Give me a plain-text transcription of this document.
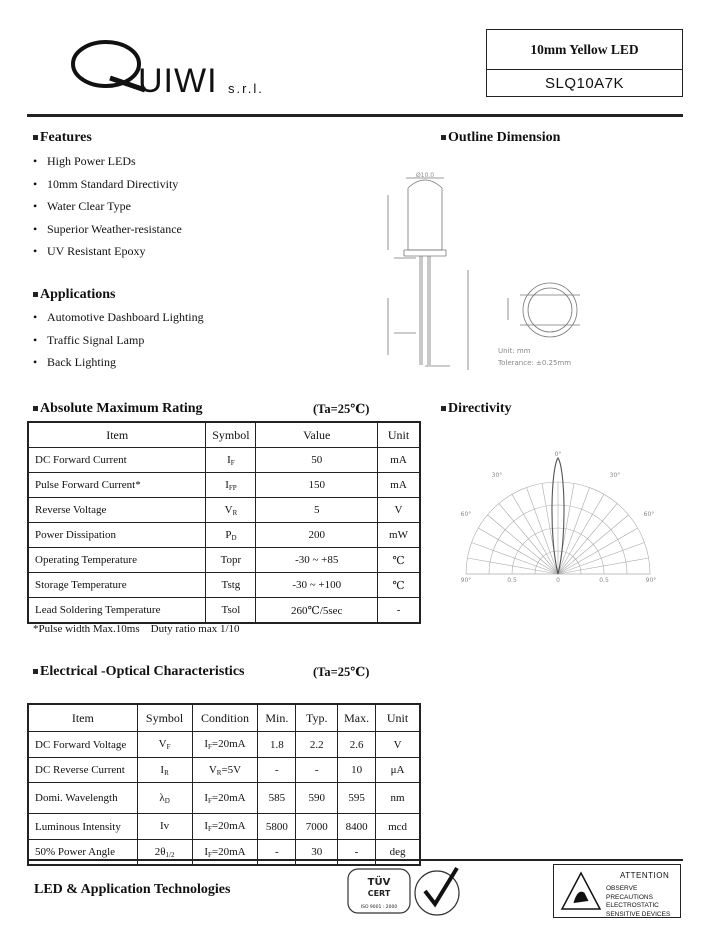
UIWI s.r.l.
10mm Yellow LED
SLQ10A7K
Features
• High Power LEDs
• 10mm Standard Directivity
• Water Clear Type
• Superior Weather-resistance
• UV Resistant Epoxy
Applications
• Automotive Dashboard Lighting
• Traffic Signal Lamp
• Back Lighting
Outline Dimension
Ø10.0
Unit: mm
Tolerance: ±0.25mm
Absolute Maximum Rating	(Ta=25℃)
Item	Symbol	Value	Unit
DC Forward Current	$I_F$	50	mA
Pulse Forward Current*	$I_{FP}$	150	mA
Reverse Voltage	$V_R$	5	V
Power Dissipation	$P_D$	200	mW
Operating Temperature	Topr	-30 ~ +85	℃
Storage Temperature	Tstg	-30 ~ +100	℃
Lead Soldering Temperature	Tsol	260℃/5sec	-
*Pulse width Max.10ms    Duty ratio max 1/10
Directivity
0°
30°	30°
60°	60°
90°	0.5	0	0.5	90°
Electrical -Optical Characteristics	(Ta=25℃)
Item	Symbol	Condition	Min.	Typ.	Max.	Unit
DC Forward Voltage	$V_F$	$I_F=20mA$	1.8	2.2	2.6	V
DC Reverse Current	$I_R$	$V_R=5V$	-	-	10	μA
Domi. Wavelength	$\lambda_D$	$I_F=20mA$	585	590	595	nm
Luminous Intensity	Iv	$I_F=20mA$	5800	7000	8400	mcd
50% Power Angle	$2\theta_{1/2}$	$I_F=20mA$	-	30	-	deg
LED & Application Technologies	TÜV
CERT
ISO 9001 : 2000
ATTENTION
OBSERVE PRECAUTIONS
ELECTROSTATIC
SENSITIVE DEVICES
